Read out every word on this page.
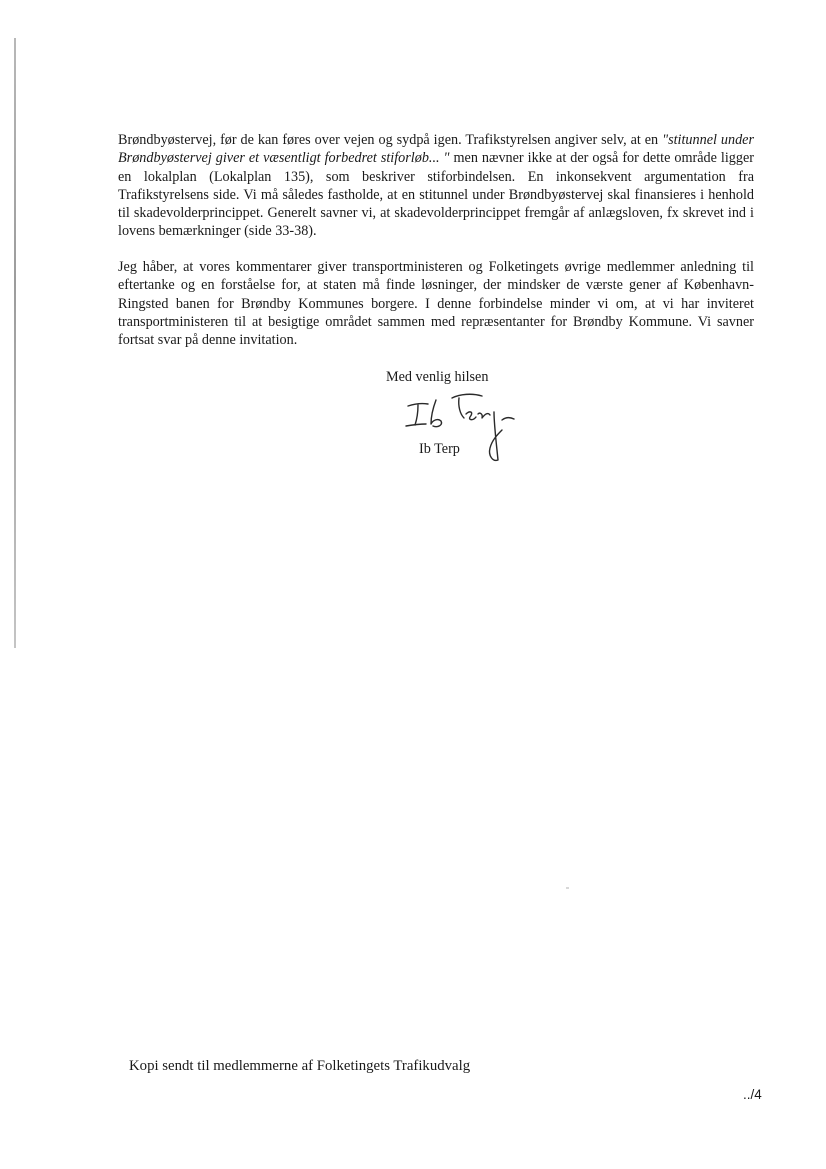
Brøndbyøstervej, før de kan føres over vejen og sydpå igen. Trafikstyrelsen angiver selv, at en "stitunnel under Brøndbyøstervej giver et væsentligt forbedret stiforløb... " men nævner ikke at der også for dette område ligger en lokalplan (Lokalplan 135), som beskriver stiforbindelsen. En inkonsekvent argumentation fra Trafikstyrelsens side. Vi må således fastholde, at en stitunnel under Brøndbyøstervej skal finansieres i henhold til skadevolderprincippet. Generelt savner vi, at skadevolderprincippet fremgår af anlægsloven, fx skrevet ind i lovens bemærkninger (side 33-38).

Jeg håber, at vores kommentarer giver transportministeren og Folketingets øvrige medlemmer anledning til eftertanke og en forståelse for, at staten må finde løsninger, der mindsker de værste gener af København-Ringsted banen for Brøndby Kommunes borgere. I denne forbindelse minder vi om, at vi har inviteret transportministeren til at besigtige området sammen med repræsentanter for Brøndby Kommune. Vi savner fortsat svar på denne invitation.

Med venlig hilsen
Ib Terp
Kopi sendt til medlemmerne af Folketingets Trafikudvalg
../4
